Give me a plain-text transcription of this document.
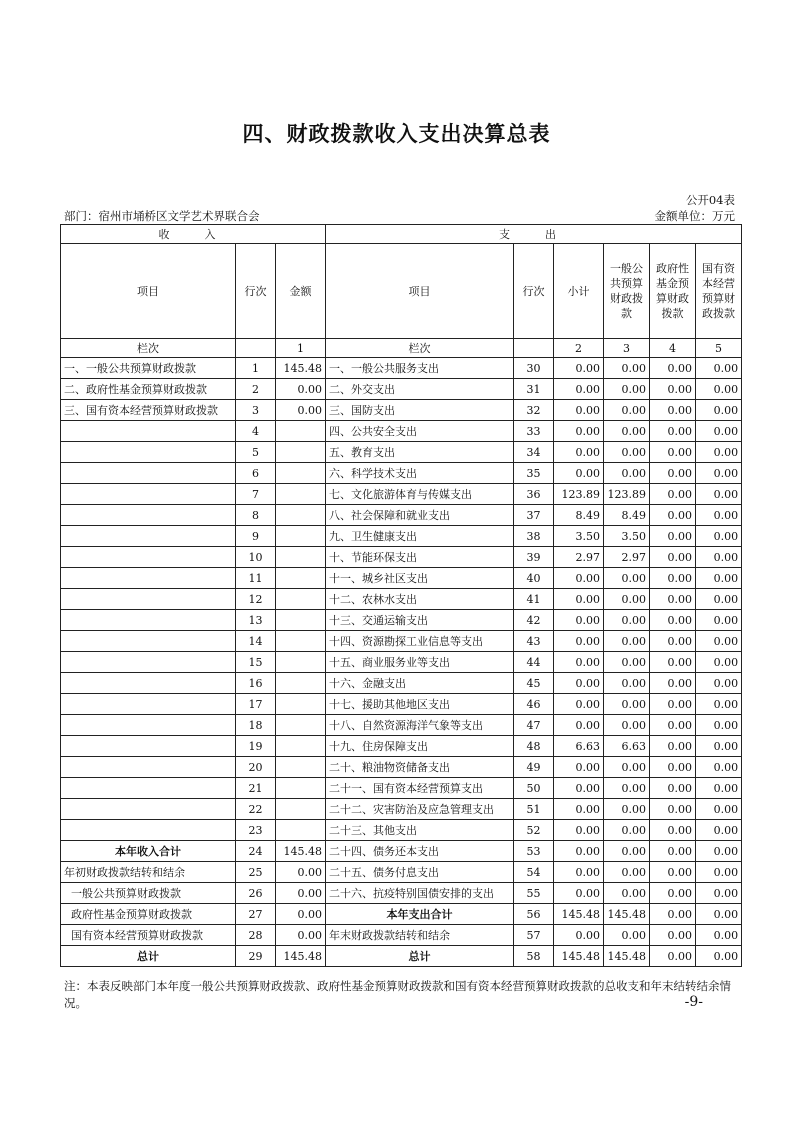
四、财政拨款收入支出决算总表
公开04表
部门：宿州市埇桥区文学艺术界联合会	金额单位：万元
收　入			支　出					
项目	行次	金额	项目	行次	小计	一般公共预算财政拨款	政府性基金预算财政拨款	国有资本经营预算财政拨款
栏次		1	栏次		2	3	4	5
一、一般公共预算财政拨款	1	145.48	一、一般公共服务支出	30	0.00	0.00	0.00	0.00
二、政府性基金预算财政拨款	2	0.00	二、外交支出	31	0.00	0.00	0.00	0.00
三、国有资本经营预算财政拨款	3	0.00	三、国防支出	32	0.00	0.00	0.00	0.00
	4		四、公共安全支出	33	0.00	0.00	0.00	0.00
	5		五、教育支出	34	0.00	0.00	0.00	0.00
	6		六、科学技术支出	35	0.00	0.00	0.00	0.00
	7		七、文化旅游体育与传媒支出	36	123.89	123.89	0.00	0.00
	8		八、社会保障和就业支出	37	8.49	8.49	0.00	0.00
	9		九、卫生健康支出	38	3.50	3.50	0.00	0.00
	10		十、节能环保支出	39	2.97	2.97	0.00	0.00
	11		十一、城乡社区支出	40	0.00	0.00	0.00	0.00
	12		十二、农林水支出	41	0.00	0.00	0.00	0.00
	13		十三、交通运输支出	42	0.00	0.00	0.00	0.00
	14		十四、资源勘探工业信息等支出	43	0.00	0.00	0.00	0.00
	15		十五、商业服务业等支出	44	0.00	0.00	0.00	0.00
	16		十六、金融支出	45	0.00	0.00	0.00	0.00
	17		十七、援助其他地区支出	46	0.00	0.00	0.00	0.00
	18		十八、自然资源海洋气象等支出	47	0.00	0.00	0.00	0.00
	19		十九、住房保障支出	48	6.63	6.63	0.00	0.00
	20		二十、粮油物资储备支出	49	0.00	0.00	0.00	0.00
	21		二十一、国有资本经营预算支出	50	0.00	0.00	0.00	0.00
	22		二十二、灾害防治及应急管理支出	51	0.00	0.00	0.00	0.00
	23		二十三、其他支出	52	0.00	0.00	0.00	0.00
本年收入合计	24	145.48	二十四、债务还本支出	53	0.00	0.00	0.00	0.00
年初财政拨款结转和结余	25	0.00	二十五、债务付息支出	54	0.00	0.00	0.00	0.00
一般公共预算财政拨款	26	0.00	二十六、抗疫特别国债安排的支出	55	0.00	0.00	0.00	0.00
政府性基金预算财政拨款	27	0.00	本年支出合计	56	145.48	145.48	0.00	0.00
国有资本经营预算财政拨款	28	0.00	年末财政拨款结转和结余	57	0.00	0.00	0.00	0.00
总计	29	145.48	总计	58	145.48	145.48	0.00	0.00
注：本表反映部门本年度一般公共预算财政拨款、政府性基金预算财政拨款和国有资本经营预算财政拨款的总收支和年末结转结余情况。	-9-
